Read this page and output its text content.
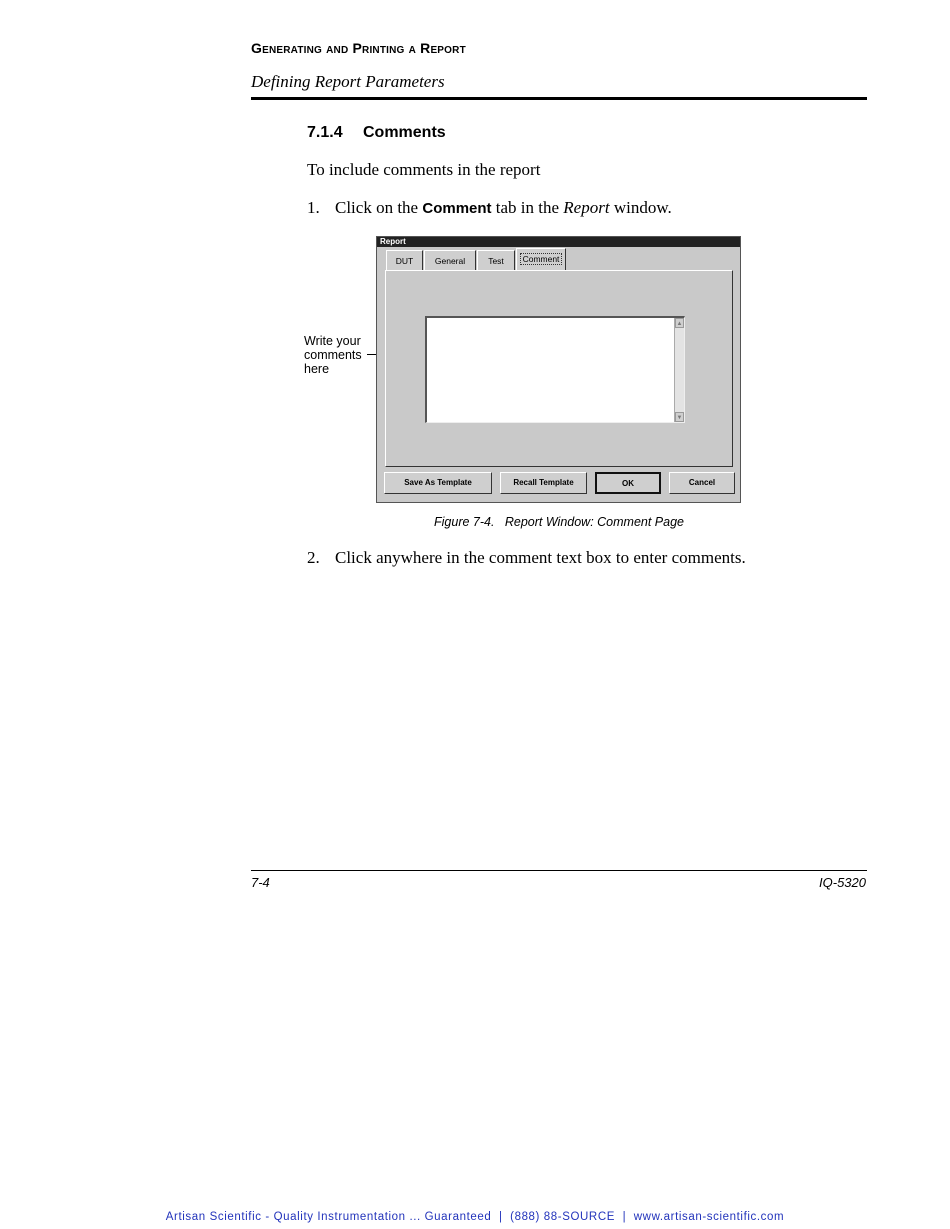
Generating and Printing a Report
Defining Report Parameters
7.1.4 Comments
To include comments in the report
1. Click on the Comment tab in the Report window.
Write your
comments
here
Report
DUT	General	Test	Comment
▲
▼
Save As Template	Recall Template	OK	Cancel
Figure 7-4.   Report Window: Comment Page
2. Click anywhere in the comment text box to enter comments.
7-4	IQ-5320
Artisan Scientific - Quality Instrumentation ... Guaranteed  |  (888) 88-SOURCE  |  www.artisan-scientific.com
